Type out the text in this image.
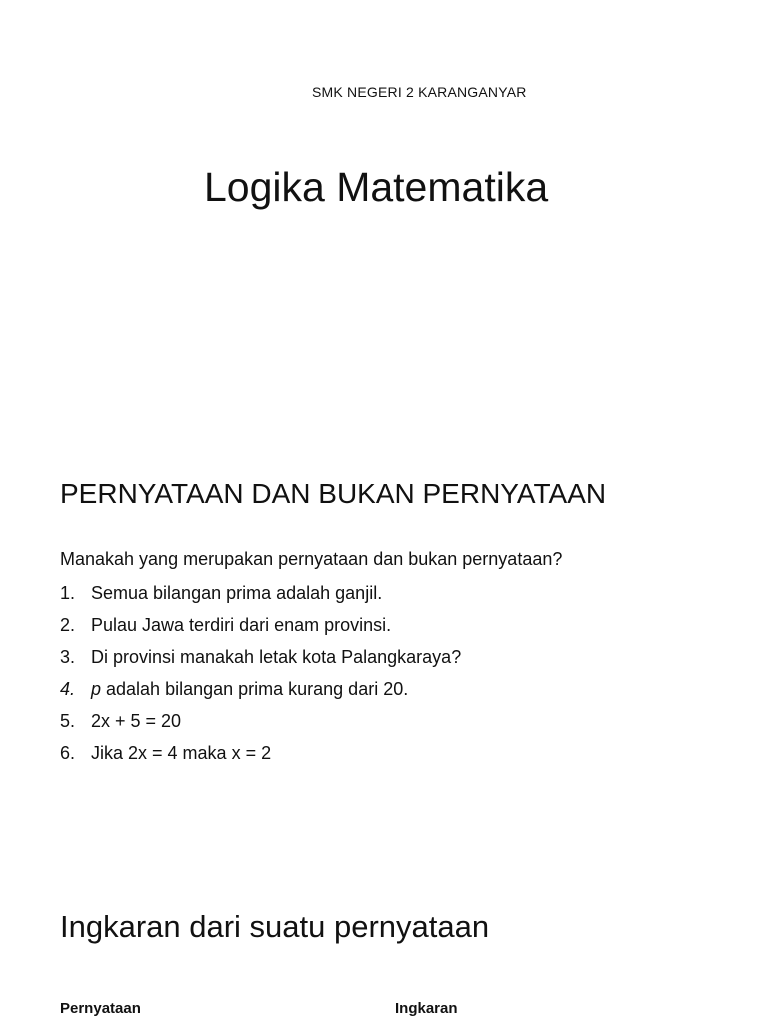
SMK NEGERI 2 KARANGANYAR
Logika Matematika
PERNYATAAN DAN BUKAN PERNYATAAN
Manakah yang merupakan pernyataan dan bukan pernyataan?
1. Semua bilangan prima adalah ganjil.
2. Pulau Jawa terdiri dari enam provinsi.
3. Di provinsi manakah letak kota Palangkaraya?
4. p adalah bilangan prima kurang dari 20.
5. 2x + 5 = 20
6. Jika 2x = 4 maka x = 2
Ingkaran dari suatu pernyataan
Pernyataan	Ingkaran
